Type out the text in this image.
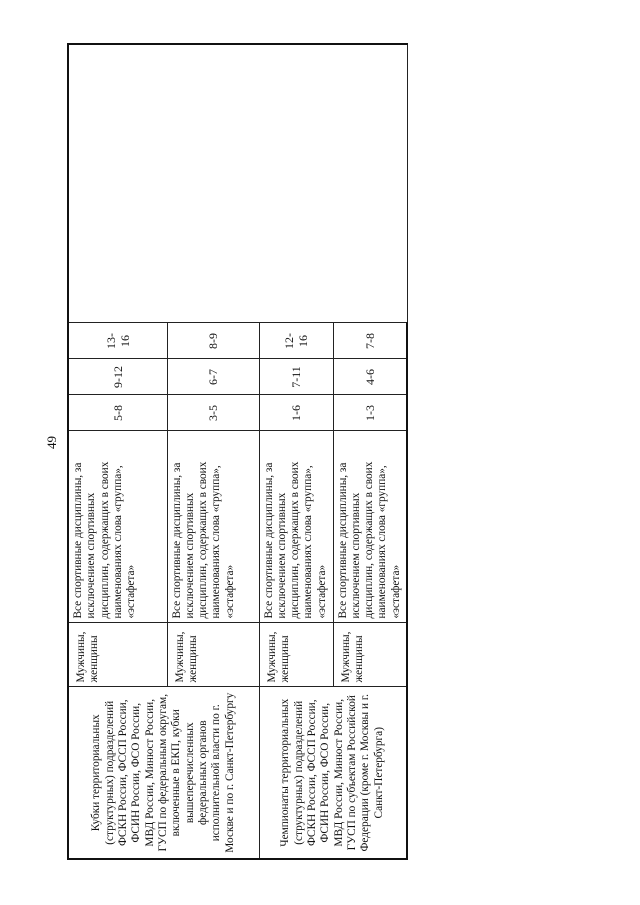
49
Кубки территориальных (структурных) подразделений ФСКН России, ФССП России, ФСИН России, ФСО России, МВД России, Минюст России, ГУСП по федеральным округам, включенные в ЕКП, кубки вышеперечисленных федеральных органов исполнительной власти по г. Москве и по г. Санкт-Петербургу	Мужчины, женщины	Все спортивные дисциплины, за исключением спортивных дисциплин, содержащих в своих наименованиях слова «группа», «эстафета»	5-8	9-12	13-16	
	Мужчины, женщины	Все спортивные дисциплины, за исключением спортивных дисциплин, содержащих в своих наименованиях слова «группа», «эстафета»	3-5	6-7	8-9	
Чемпионаты территориальных (структурных) подразделений ФСКН России, ФССП России, ФСИН России, ФСО России, МВД России, Минюст России, ГУСП по субъектам Российской Федерации (кроме г. Москвы и г. Санкт-Петербурга)	Мужчины, женщины	Все спортивные дисциплины, за исключением спортивных дисциплин, содержащих в своих наименованиях слова «группа», «эстафета»	1-6	7-11	12-16	
	Мужчины, женщины	Все спортивные дисциплины, за исключением спортивных дисциплин, содержащих в своих наименованиях слова «группа», «эстафета»	1-3	4-6	7-8	
